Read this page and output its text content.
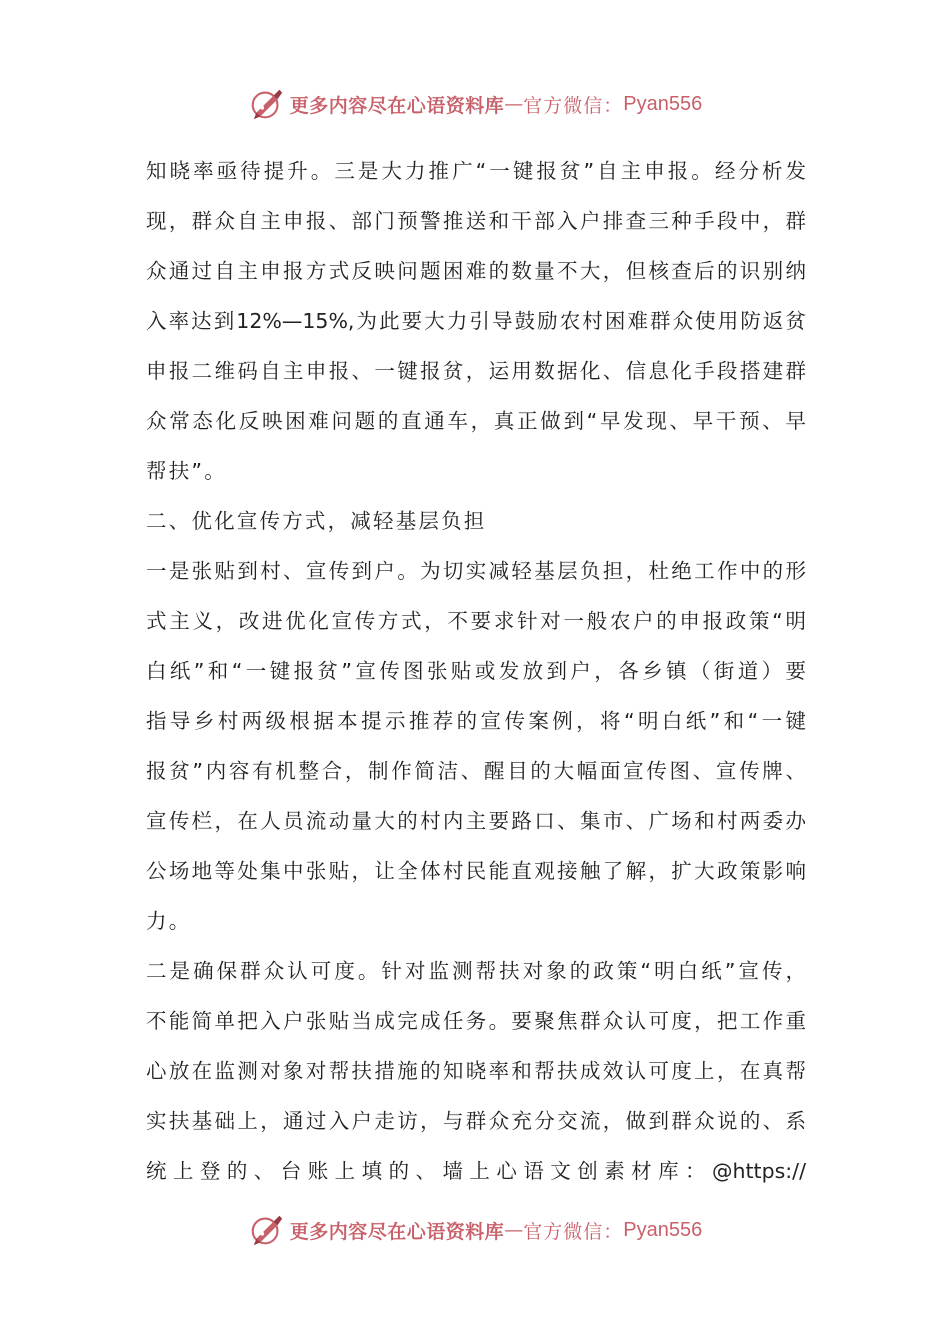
更多内容尽在心语资料库 — 官方微信： Pyan556
知晓率亟待提升。三是大力推广“一键报贫”自主申报。经分析发
现，群众自主申报、部门预警推送和干部入户排查三种手段中，群
众通过自主申报方式反映问题困难的数量不大，但核查后的识别纳
入率达到12%—15%,为此要大力引导鼓励农村困难群众使用防返贫
申报二维码自主申报、一键报贫，运用数据化、信息化手段搭建群
众常态化反映困难问题的直通车，真正做到“早发现、早干预、早
帮扶”。
二、优化宣传方式，减轻基层负担
一是张贴到村、宣传到户。为切实减轻基层负担，杜绝工作中的形
式主义，改进优化宣传方式，不要求针对一般农户的申报政策“明
白纸”和“一键报贫”宣传图张贴或发放到户，各乡镇（街道）要
指导乡村两级根据本提示推荐的宣传案例，将“明白纸”和“一键
报贫”内容有机整合，制作简洁、醒目的大幅面宣传图、宣传牌、
宣传栏，在人员流动量大的村内主要路口、集市、广场和村两委办
公场地等处集中张贴，让全体村民能直观接触了解，扩大政策影响
力。
二是确保群众认可度。针对监测帮扶对象的政策“明白纸”宣传，
不能简单把入户张贴当成完成任务。要聚焦群众认可度，把工作重
心放在监测对象对帮扶措施的知晓率和帮扶成效认可度上，在真帮
实扶基础上，通过入户走访，与群众充分交流，做到群众说的、系
统上登的、台账上填的、墙上心语文创素材库：@https://
更多内容尽在心语资料库 — 官方微信： Pyan556
